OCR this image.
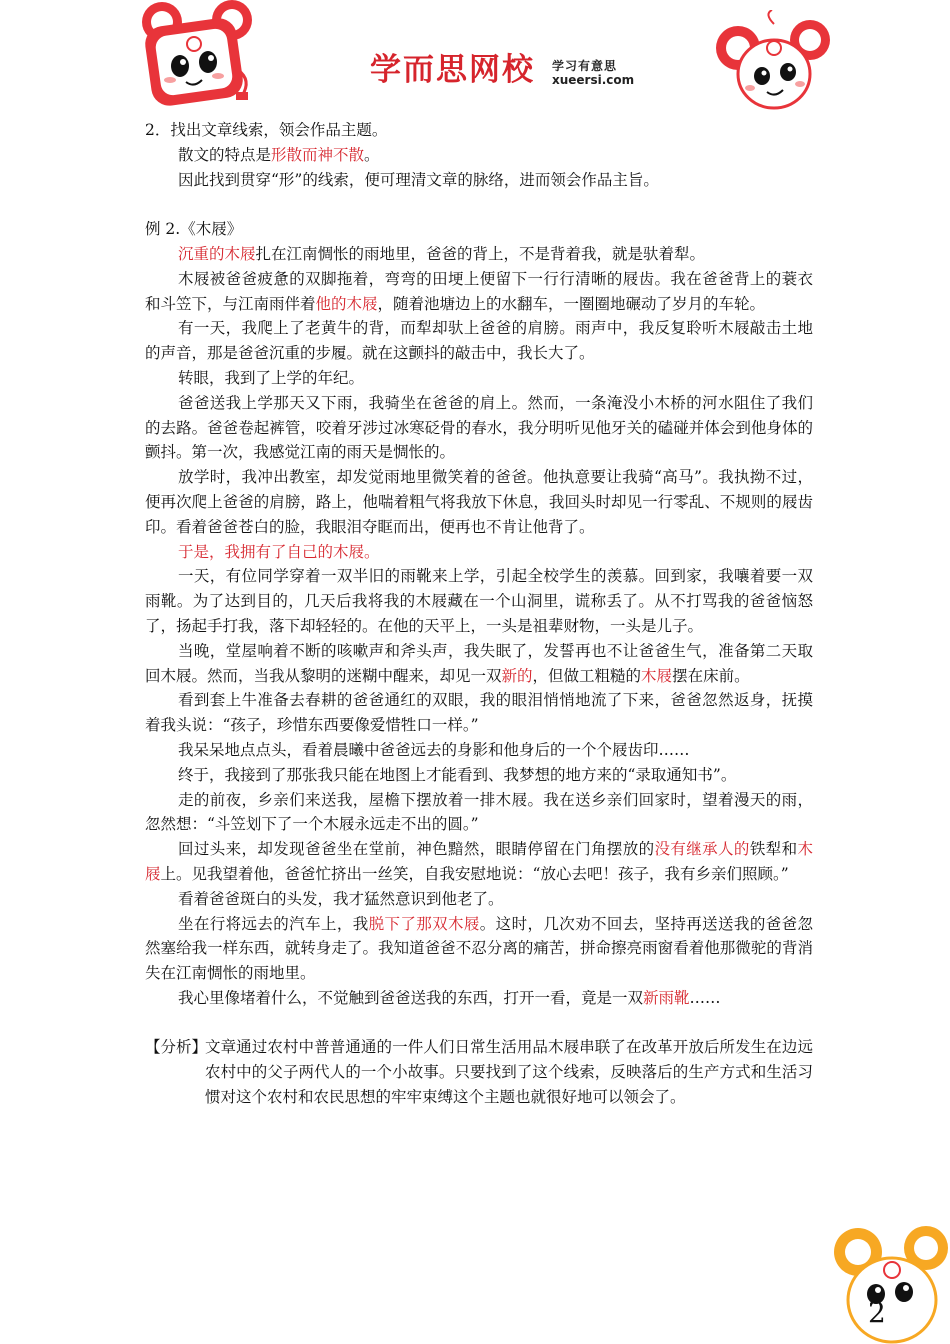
学而思网校 学习有意思
xueersi.com

2．找出文章线索，领会作品主题。

散文的特点是形散而神不散。

因此找到贯穿“形”的线索，便可理清文章的脉络，进而领会作品主旨。

例 2.《木屐》

沉重的木屐扎在江南惆怅的雨地里，爸爸的背上，不是背着我，就是驮着犁。

木屐被爸爸疲惫的双脚拖着，弯弯的田埂上便留下一行行清晰的屐齿。我在爸爸背上的蓑衣和斗笠下，与江南雨伴着他的木屐，随着池塘边上的水翻车，一圈圈地碾动了岁月的车轮。

有一天，我爬上了老黄牛的背，而犁却驮上爸爸的肩膀。雨声中，我反复聆听木屐敲击土地的声音，那是爸爸沉重的步履。就在这颤抖的敲击中，我长大了。

转眼，我到了上学的年纪。

爸爸送我上学那天又下雨，我骑坐在爸爸的肩上。然而，一条淹没小木桥的河水阻住了我们的去路。爸爸卷起裤管，咬着牙涉过冰寒砭骨的春水，我分明听见他牙关的磕碰并体会到他身体的颤抖。第一次，我感觉江南的雨天是惆怅的。

放学时，我冲出教室，却发觉雨地里微笑着的爸爸。他执意要让我骑“高马”。我执拗不过，便再次爬上爸爸的肩膀，路上，他喘着粗气将我放下休息，我回头时却见一行零乱、不规则的屐齿印。看着爸爸苍白的脸，我眼泪夺眶而出，便再也不肯让他背了。

于是，我拥有了自己的木屐。

一天，有位同学穿着一双半旧的雨靴来上学，引起全校学生的羡慕。回到家，我嚷着要一双雨靴。为了达到目的，几天后我将我的木屐藏在一个山洞里，谎称丢了。从不打骂我的爸爸恼怒了，扬起手打我，落下却轻轻的。在他的天平上，一头是祖辈财物，一头是儿子。

当晚，堂屋响着不断的咳嗽声和斧头声，我失眠了，发誓再也不让爸爸生气，准备第二天取回木屐。然而，当我从黎明的迷糊中醒来，却见一双新的，但做工粗糙的木屐摆在床前。

看到套上牛准备去春耕的爸爸通红的双眼，我的眼泪悄悄地流了下来，爸爸忽然返身，抚摸着我头说：“孩子，珍惜东西要像爱惜牲口一样。”

我呆呆地点点头，看着晨曦中爸爸远去的身影和他身后的一个个屐齿印……

终于，我接到了那张我只能在地图上才能看到、我梦想的地方来的“录取通知书”。

走的前夜，乡亲们来送我，屋檐下摆放着一排木屐。我在送乡亲们回家时，望着漫天的雨，忽然想：“斗笠划下了一个木屐永远走不出的圆。”

回过头来，却发现爸爸坐在堂前，神色黯然，眼睛停留在门角摆放的没有继承人的铁犁和木屐上。见我望着他，爸爸忙挤出一丝笑，自我安慰地说：“放心去吧！孩子，我有乡亲们照顾。”

看着爸爸斑白的头发，我才猛然意识到他老了。

坐在行将远去的汽车上，我脱下了那双木屐。这时，几次劝不回去，坚持再送送我的爸爸忽然塞给我一样东西，就转身走了。我知道爸爸不忍分离的痛苦，拼命擦亮雨窗看着他那微驼的背消失在江南惆怅的雨地里。

我心里像堵着什么，不觉触到爸爸送我的东西，打开一看，竟是一双新雨靴……

【分析】
文章通过农村中普普通通的一件人们日常生活用品木屐串联了在改革开放后所发生在边远农村中的父子两代人的一个小故事。只要找到了这个线索，反映落后的生产方式和生活习惯对这个农村和农民思想的牢牢束缚这个主题也就很好地可以领会了。

2
